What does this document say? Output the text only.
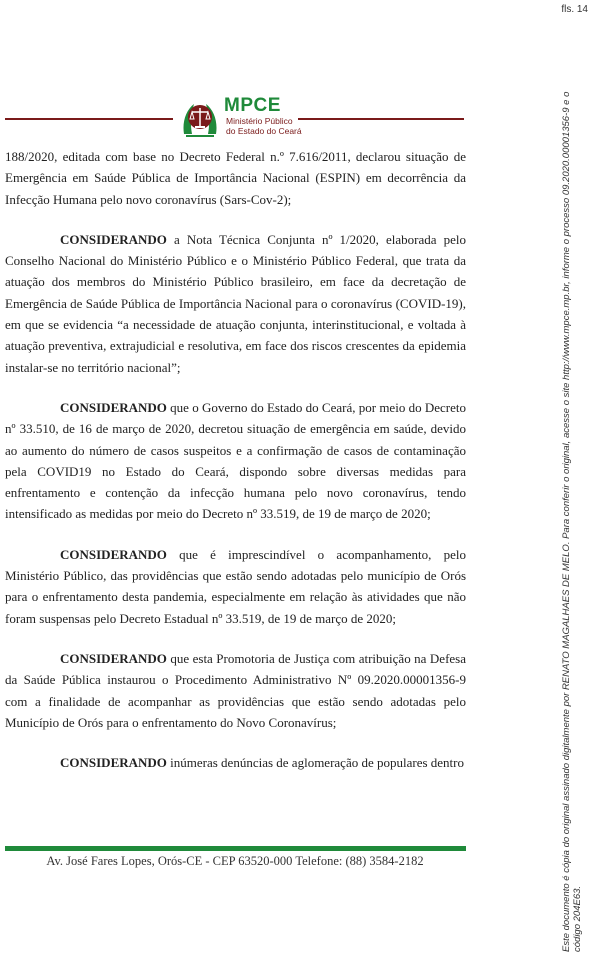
fls. 14
MPCE
Ministério Público
do Estado do Ceará

188/2020, editada com base no Decreto Federal n.º 7.616/2011, declarou situação de Emergência em Saúde Pública de Importância Nacional (ESPIN) em decorrência da Infecção Humana pelo novo coronavírus (Sars-Cov-2);

CONSIDERANDO a Nota Técnica Conjunta nº 1/2020, elaborada pelo Conselho Nacional do Ministério Público e o Ministério Público Federal, que trata da atuação dos membros do Ministério Público brasileiro, em face da decretação de Emergência de Saúde Pública de Importância Nacional para o coronavírus (COVID-19), em que se evidencia “a necessidade de atuação conjunta, interinstitucional, e voltada à atuação preventiva, extrajudicial e resolutiva, em face dos riscos crescentes da epidemia instalar-se no território nacional”;

CONSIDERANDO que o Governo do Estado do Ceará, por meio do Decreto nº 33.510, de 16 de março de 2020, decretou situação de emergência em saúde, devido ao aumento do número de casos suspeitos e a confirmação de casos de contaminação pela COVID19 no Estado do Ceará, dispondo sobre diversas medidas para enfrentamento e contenção da infecção humana pelo novo coronavírus, tendo intensificado as medidas por meio do Decreto nº 33.519, de 19 de março de 2020;

CONSIDERANDO que é imprescindível o acompanhamento, pelo Ministério Público, das providências que estão sendo adotadas pelo município de Orós para o enfrentamento desta pandemia, especialmente em relação às atividades que não foram suspensas pelo Decreto Estadual nº 33.519, de 19 de março de 2020;

CONSIDERANDO que esta Promotoria de Justiça com atribuição na Defesa da Saúde Pública instaurou o Procedimento Administrativo Nº 09.2020.00001356-9 com a finalidade de acompanhar as providências que estão sendo adotadas pelo Município de Orós para o enfrentamento do Novo Coronavírus;

CONSIDERANDO inúmeras denúncias de aglomeração de populares dentro

Av. José Fares Lopes, Orós-CE - CEP 63520-000 Telefone: (88) 3584-2182	Este documento é cópia do original assinado digitalmente por RENATO MAGALHAES DE MELO. Para conferir o original, acesse o site http://www.mpce.mp.br, informe o processo 09.2020.00001356-9 e o código 204E63.
